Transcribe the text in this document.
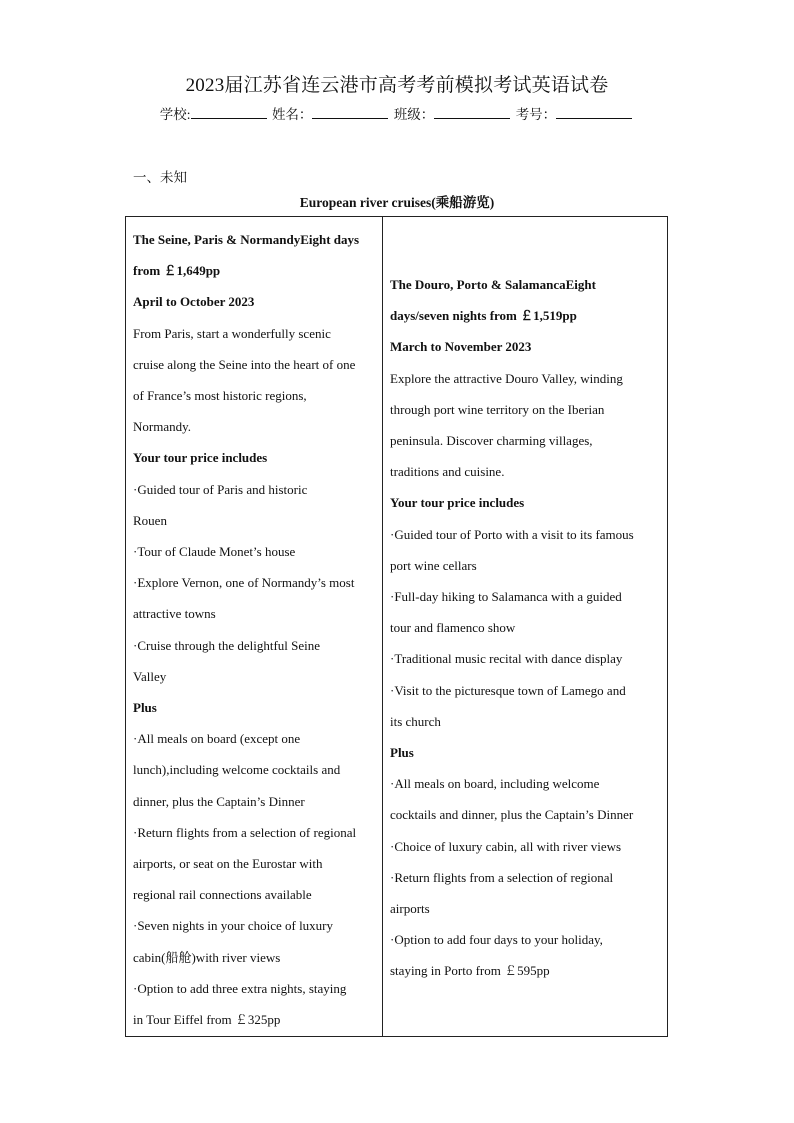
2023届江苏省连云港市高考考前模拟考试英语试卷
学校:	姓名：	班级：	考号：
一、未知
European river cruises(乘船游览)
The Seine, Paris & NormandyEight days
from ￡1,649pp
April to October 2023
From Paris, start a wonderfully scenic
cruise along the Seine into the heart of one
of France’s most historic regions,
Normandy.
Your tour price includes
·Guided tour of Paris and historic
Rouen
·Tour of Claude Monet’s house
·Explore Vernon, one of Normandy’s most
attractive towns
·Cruise through the delightful Seine
Valley
Plus
·All meals on board (except one
lunch),including welcome cocktails and
dinner, plus the Captain’s Dinner
·Return flights from a selection of regional
airports, or seat on the Eurostar with
regional rail connections available
·Seven nights in your choice of luxury
cabin(船舱)with river views
·Option to add three extra nights, staying
in Tour Eiffel from ￡325pp
The Douro, Porto & SalamancaEight
days/seven nights from ￡1,519pp
March to November 2023
Explore the attractive Douro Valley, winding
through port wine territory on the Iberian
peninsula. Discover charming villages,
traditions and cuisine.
Your tour price includes
·Guided tour of Porto with a visit to its famous
port wine cellars
·Full-day hiking to Salamanca with a guided
tour and flamenco show
·Traditional music recital with dance display
·Visit to the picturesque town of Lamego and
its church
Plus
·All meals on board, including welcome
cocktails and dinner, plus the Captain’s Dinner
·Choice of luxury cabin, all with river views
·Return flights from a selection of regional
airports
·Option to add four days to your holiday,
staying in Porto from ￡595pp
